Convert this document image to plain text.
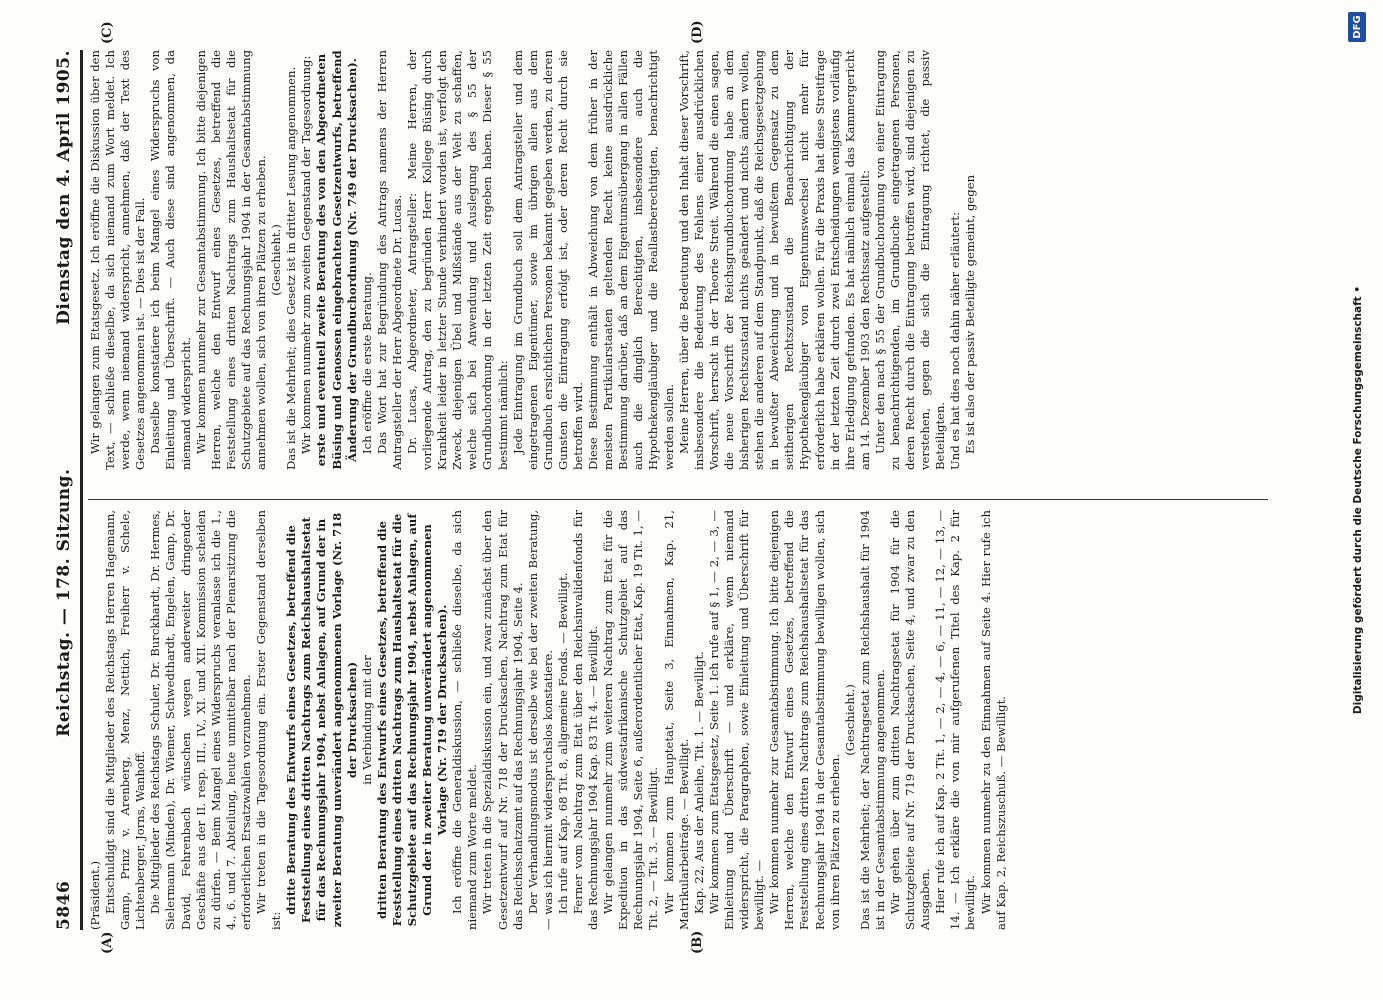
5846
Reichstag. — 178. Sitzung.
Dienstag den 4. April 1905.
(A)	(B)
(C)	(D)

(Präsident.) Entschuldigt sind die Mitglieder des Reichstags Herren Hagemann, Gamp, Prinz v. Arenberg, Menz, Nettich, Freiherr v. Schele, Lichtenberger, Jorns, Wanhoff. Die Mitglieder des Reichstags Schuler, Dr. Burckhardt, Dr. Hermes, Sielermann (Minden), Dr. Wiemer, Schwedthardt, Engelen, Gamp, Dr. David, Fehrenbach wünschen wegen anderweiter dringender Geschäfte aus der II. resp. III., IV., XI. und XII. Kommission scheiden zu dürfen. — Beim Mangel eines Widerspruchs veranlasse ich die 1., 4., 6. und 7. Abteilung, heute unmittelbar nach der Plenarsitzung die erforderlichen Ersatzwahlen vorzunehmen. Wir treten in die Tagesordnung ein. Erster Gegenstand derselben ist:

dritte Beratung des Entwurfs eines Gesetzes, betreffend die Feststellung eines dritten Nachtrags zum Reichshaushaltsetat für das Rechnungsjahr 1904, nebst Anlagen, auf Grund der in zweiter Beratung unverändert angenommenen Vorlage (Nr. 718 der Drucksachen) in Verbindung mit der dritten Beratung des Entwurfs eines Gesetzes, betreffend die Feststellung eines dritten Nachtrags zum Haushaltsetat für die Schutzgebiete auf das Rechnungsjahr 1904, nebst Anlagen, auf Grund der in zweiter Beratung unverändert angenommenen Vorlage (Nr. 719 der Drucksachen). Ich eröffne die Generaldiskussion, — schließe dieselbe, da sich niemand zum Worte meldet. Wir treten in die Spezialdiskussion ein, und zwar zunächst über den Gesetzentwurf auf Nr. 718 der Drucksachen, Nachtrag zum Etat für das Reichsschatzamt auf das Rechnungsjahr 1904, Seite 4. Der Verhandlungsmodus ist derselbe wie bei der zweiten Beratung, — was ich hiermit widerspruchslos konstatiere. Ich rufe auf Kap. 68 Tit. 8, allgemeine Fonds. — Bewilligt. Ferner vom Nachtrag zum Etat über den Reichsinvalidenfonds für das Rechnungsjahr 1904 Kap. 83 Tit 4. — Bewilligt. Wir gelangen nunmehr zum weiteren Nachtrag zum Etat für die Expedition in das südwestafrikanische Schutzgebiet auf das Rechnungsjahr 1904, Seite 6, außerordentlicher Etat, Kap. 19 Tit. 1, — Tit. 2, — Tit. 3. — Bewilligt. Wir kommen zum Hauptetat, Seite 3, Einnahmen, Kap. 21, Matrikularbeiträge. — Bewilligt. Kap. 22, Aus der Anleihe, Tit. 1. — Bewilligt. Wir kommen zum Etatsgesetz, Seite 1. Ich rufe auf § 1, — 2, — 3, — Einleitung und Überschrift — und erkläre, wenn niemand widerspricht, die Paragraphen, sowie Einleitung und Überschrift für bewilligt. — Wir kommen nunmehr zur Gesamtabstimmung. Ich bitte diejenigen Herren, welche den Entwurf eines Gesetzes, betreffend die Feststellung eines dritten Nachtrags zum Reichshaushaltsetat für das Rechnungsjahr 1904 in der Gesamtabstimmung bewilligen wollen, sich von ihren Plätzen zu erheben.

(Geschieht.) Das ist die Mehrheit; der Nachtragsetat zum Reichshaushalt für 1904 ist in der Gesamtabstimmung angenommen. Wir gehen über zum dritten Nachtragsetat für 1904 für die Schutzgebiete auf Nr. 719 der Drucksachen, Seite 4, und zwar zu den Ausgaben. Hier rufe ich auf Kap. 2 Tit. 1, — 2, — 4, — 6, — 11, — 12, — 13, — 14. — Ich erkläre die von mir aufgerufenen Titel des Kap. 2 für bewilligt. Wir kommen nunmehr zu den Einnahmen auf Seite 4. Hier rufe ich auf Kap. 2, Reichszuschuß. — Bewilligt.

Wir gelangen zum Etatsgesetz. Ich eröffne die Diskussion über den Text, — schließe dieselbe, da sich niemand zum Wort meldet. Ich werde, wenn niemand widerspricht, annehmen, daß der Text des Gesetzes angenommen ist. — Dies ist der Fall. Dasselbe konstatiere ich beim Mangel eines Widerspruchs von Einleitung und Überschrift. — Auch diese sind angenommen, da niemand widerspricht. Wir kommen nunmehr zur Gesamtabstimmung. Ich bitte diejenigen Herren, welche den Entwurf eines Gesetzes, betreffend die Feststellung eines dritten Nachtrags zum Haushaltsetat für die Schutzgebiete auf das Rechnungsjahr 1904 in der Gesamtabstimmung annehmen wollen, sich von ihren Plätzen zu erheben. (Geschieht.) Das ist die Mehrheit; dies Gesetz ist in dritter Lesung angenommen. Wir kommen nunmehr zum zweiten Gegenstand der Tagesordnung: erste und eventuell zweite Beratung des von den Abgeordneten Büsing und Genossen eingebrachten Gesetzentwurfs, betreffend Änderung der Grundbuchordnung (Nr. 749 der Drucksachen). Ich eröffne die erste Beratung. Das Wort hat zur Begründung des Antrags namens der Herren Antragsteller der Herr Abgeordnete Dr. Lucas. Dr. Lucas, Abgeordneter, Antragsteller: Meine Herren, der vorliegende Antrag, den zu begründen Herr Kollege Büsing durch Krankheit leider in letzter Stunde verhindert worden ist, verfolgt den Zweck, diejenigen Übel und Mißstände aus der Welt zu schaffen, welche sich bei Anwendung und Auslegung des § 55 der Grundbuchordnung in der letzten Zeit ergeben haben. Dieser § 55 bestimmt nämlich: Jede Eintragung im Grundbuch soll dem Antragsteller und dem eingetragenen Eigentümer, sowie im übrigen allen aus dem Grundbuch ersichtlichen Personen bekannt gegeben werden, zu deren Gunsten die Eintragung erfolgt ist, oder deren Recht durch sie betroffen wird. Diese Bestimmung enthält in Abweichung von dem früher in der meisten Partikularstaaten geltenden Recht keine ausdrückliche Bestimmung darüber, daß an dem Eigentumsübergang in allen Fällen auch die dinglich Berechtigten, insbesondere auch die Hypothekengläubiger und die Reallastberechtigten, benachrichtigt werden sollen. Meine Herren, über die Bedeutung und den Inhalt dieser Vorschrift, insbesondere die Bedeutung des Fehlens einer ausdrücklichen Vorschrift, herrscht in der Theorie Streit. Während die einen sagen, die neue Vorschrift der Reichsgrundbuchordnung habe an dem bisherigen Rechtszustand nichts geändert und nichts ändern wollen, stehen die anderen auf dem Standpunkt, daß die Reichsgesetzgebung in bewußter Abweichung und in bewußtem Gegensatz zu dem seitherigen Rechtszustand die Benachrichtigung der Hypothekengläubiger von Eigentumswechsel nicht mehr für erforderlich habe erklären wollen. Für die Praxis hat diese Streitfrage in der letzten Zeit durch zwei Entscheidungen wenigstens vorläufig ihre Erledigung gefunden. Es hat nämlich einmal das Kammergericht am 14. Dezember 1903 den Rechtssatz aufgestellt: Unter den nach § 55 der Grundbuchordnung von einer Eintragung zu benachrichtigenden, im Grundbuche eingetragenen Personen, deren Recht durch die Eintragung betroffen wird, sind diejenigen zu verstehen, gegen die sich die Eintragung richtet, die passiv Beteiligten. Und es hat dies noch dahin näher erläutert: Es ist also der passiv Beteiligte gemeint, gegen	Digitalisierung gefördert durch die Deutsche Forschungsgemeinschaft •
DFG
